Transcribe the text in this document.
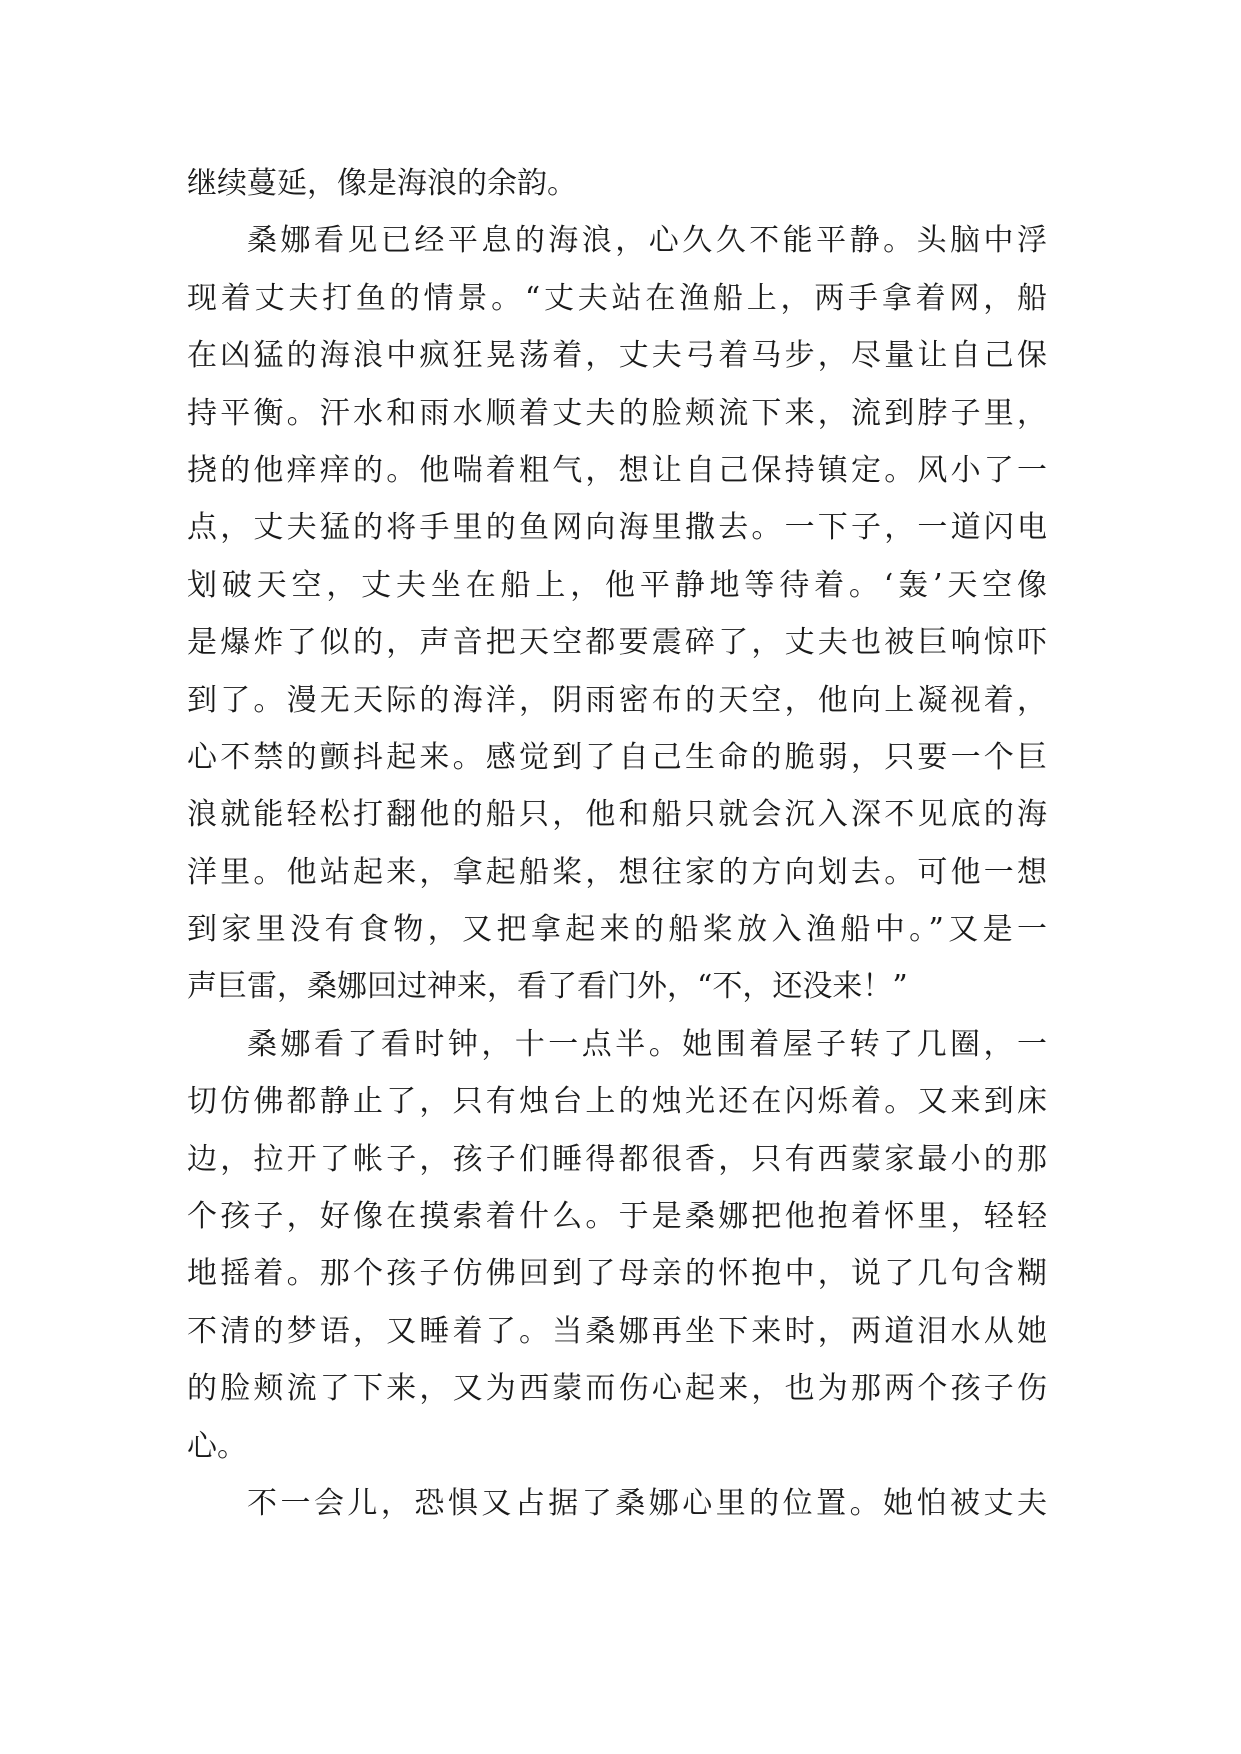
继续蔓延，像是海浪的余韵。
桑娜看见已经平息的海浪，心久久不能平静。头脑中浮
现着丈夫打鱼的情景。“丈夫站在渔船上，两手拿着网，船
在凶猛的海浪中疯狂晃荡着，丈夫弓着马步，尽量让自己保
持平衡。汗水和雨水顺着丈夫的脸颊流下来，流到脖子里，
挠的他痒痒的。他喘着粗气，想让自己保持镇定。风小了一
点，丈夫猛的将手里的鱼网向海里撒去。一下子，一道闪电
划破天空，丈夫坐在船上，他平静地等待着。‘轰’天空像
是爆炸了似的，声音把天空都要震碎了，丈夫也被巨响惊吓
到了。漫无天际的海洋，阴雨密布的天空，他向上凝视着，
心不禁的颤抖起来。感觉到了自己生命的脆弱，只要一个巨
浪就能轻松打翻他的船只，他和船只就会沉入深不见底的海
洋里。他站起来，拿起船桨，想往家的方向划去。可他一想
到家里没有食物，又把拿起来的船桨放入渔船中。”又是一
声巨雷，桑娜回过神来，看了看门外，“不，还没来！”
桑娜看了看时钟，十一点半。她围着屋子转了几圈，一
切仿佛都静止了，只有烛台上的烛光还在闪烁着。又来到床
边，拉开了帐子，孩子们睡得都很香，只有西蒙家最小的那
个孩子，好像在摸索着什么。于是桑娜把他抱着怀里，轻轻
地摇着。那个孩子仿佛回到了母亲的怀抱中，说了几句含糊
不清的梦语，又睡着了。当桑娜再坐下来时，两道泪水从她
的脸颊流了下来，又为西蒙而伤心起来，也为那两个孩子伤
心。
不一会儿，恐惧又占据了桑娜心里的位置。她怕被丈夫
